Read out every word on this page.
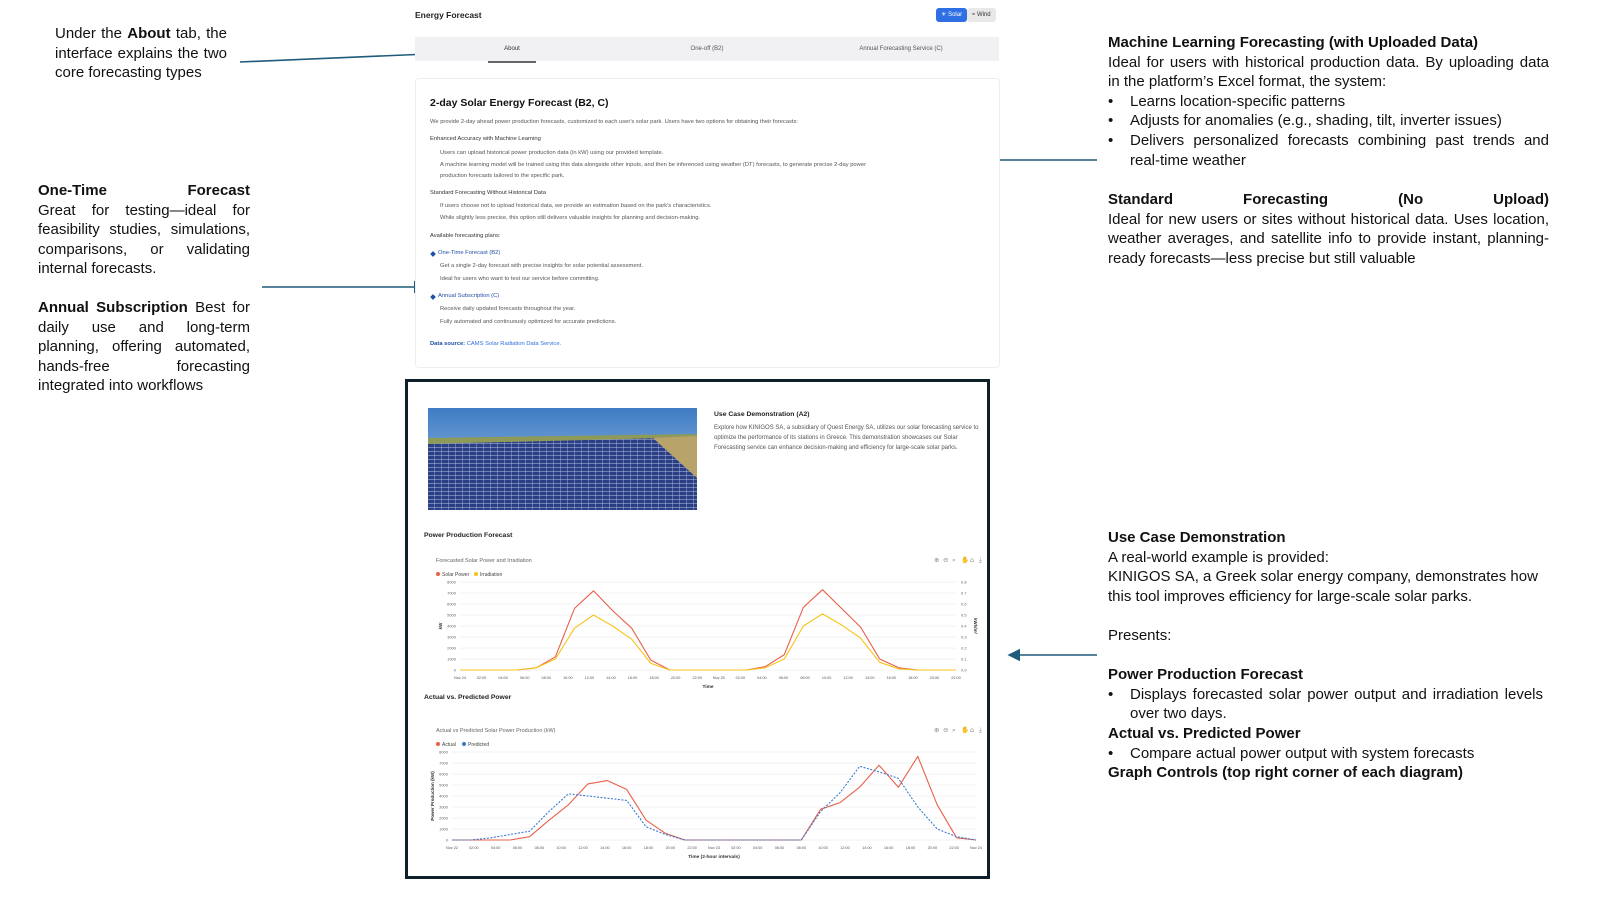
Under the About tab, the interface explains the two core forecasting types
One-Time Forecast
Great for testing—ideal for feasibility studies, simulations, comparisons, or validating internal forecasts.
Annual Subscription Best for daily use and long-term planning, offering automated, hands-free forecasting integrated into workflows
Machine Learning Forecasting (with Uploaded Data)
Ideal for users with historical production data. By uploading data in the platform’s Excel format, the system:
• Learns location-specific patterns
• Adjusts for anomalies (e.g., shading, tilt, inverter issues)
• Delivers personalized forecasts combining past trends and real-time weather
Standard Forecasting (No Upload)
Ideal for new users or sites without historical data. Uses location, weather averages, and satellite info to provide instant, planning-ready forecasts—less precise but still valuable
Use Case Demonstration
A real-world example is provided:
KINIGOS SA, a Greek solar energy company, demonstrates how this tool improves efficiency for large-scale solar parks.
Presents:
Power Production Forecast
• Displays forecasted solar power output and irradiation levels over two days.
Actual vs. Predicted Power
• Compare actual power output with system forecasts
Graph Controls (top right corner of each diagram)
Energy Forecast	☀ Solar	≈ Wind
About	One-off (B2)	Annual Forecasting Service (C)
2-day Solar Energy Forecast (B2, C)
We provide 2-day ahead power production forecasts, customized to each user's solar park. Users have two options for obtaining their forecasts:
Enhanced Accuracy with Machine Learning
Users can upload historical power production data (in kW) using our provided template.
A machine learning model will be trained using this data alongside other inputs, and then be inferenced using weather (DT) forecasts, to generate precise 2-day power
production forecasts tailored to the specific park.
Standard Forecasting Without Historical Data
If users choose not to upload historical data, we provide an estimation based on the park's characteristics.
While slightly less precise, this option still delivers valuable insights for planning and decision-making.
Available forecasting plans:
One-Time Forecast (B2)
Get a single 2-day forecast with precise insights for solar potential assessment.
Ideal for users who want to test our service before committing.
Annual Subscription (C)
Receive daily updated forecasts throughout the year.
Fully automated and continuously optimized for accurate predictions.
Data source: CAMS Solar Radiation Data Service.
Use Case Demonstration (A2)
Explore how KINIGOS SA, a subsidiary of Quest Energy SA, utilizes our solar forecasting service to
optimize the performance of its stations in Greece. This demonstration showcases our Solar
Forecasting service can enhance decision-making and efficiency for large-scale solar parks.
Power Production Forecast
Actual vs. Predicted Power
Forecasted Solar Power and Irradiation	⊕ ⊖ ⌕ ✋ ⌂ ⤓
Solar Power Irradiation
0
1000
2000
3000
4000
5000
6000
7000
8000
0.0
0.1
0.2
0.3
0.4
0.5
0.6
0.7
0.8
kWh/m²
kW
Nov 24	02:00	04:00	06:00	08:00	10:00	12:00	14:00	16:00	18:00	20:00	22:00	Nov 25	02:00	04:00	06:00	08:00	10:00	12:00	14:00	16:00	18:00	20:00	22:00
Time
Actual vs Predicted Solar Power Production (kW)	⊕ ⊖ ⌕ ✋ ⌂ ⤓
Actual Predicted
0
1000
2000
3000
4000
5000
6000
7000
8000
Power Production (kW)
Nov 22	02:00	04:00	06:00	08:00	10:00	12:00	14:00	16:00	18:00	20:00	22:00	Nov 23	02:00	04:00	06:00	08:00	10:00	12:00	14:00	16:00	18:00	20:00	22:00	Nov 24
Time (2-hour intervals)
